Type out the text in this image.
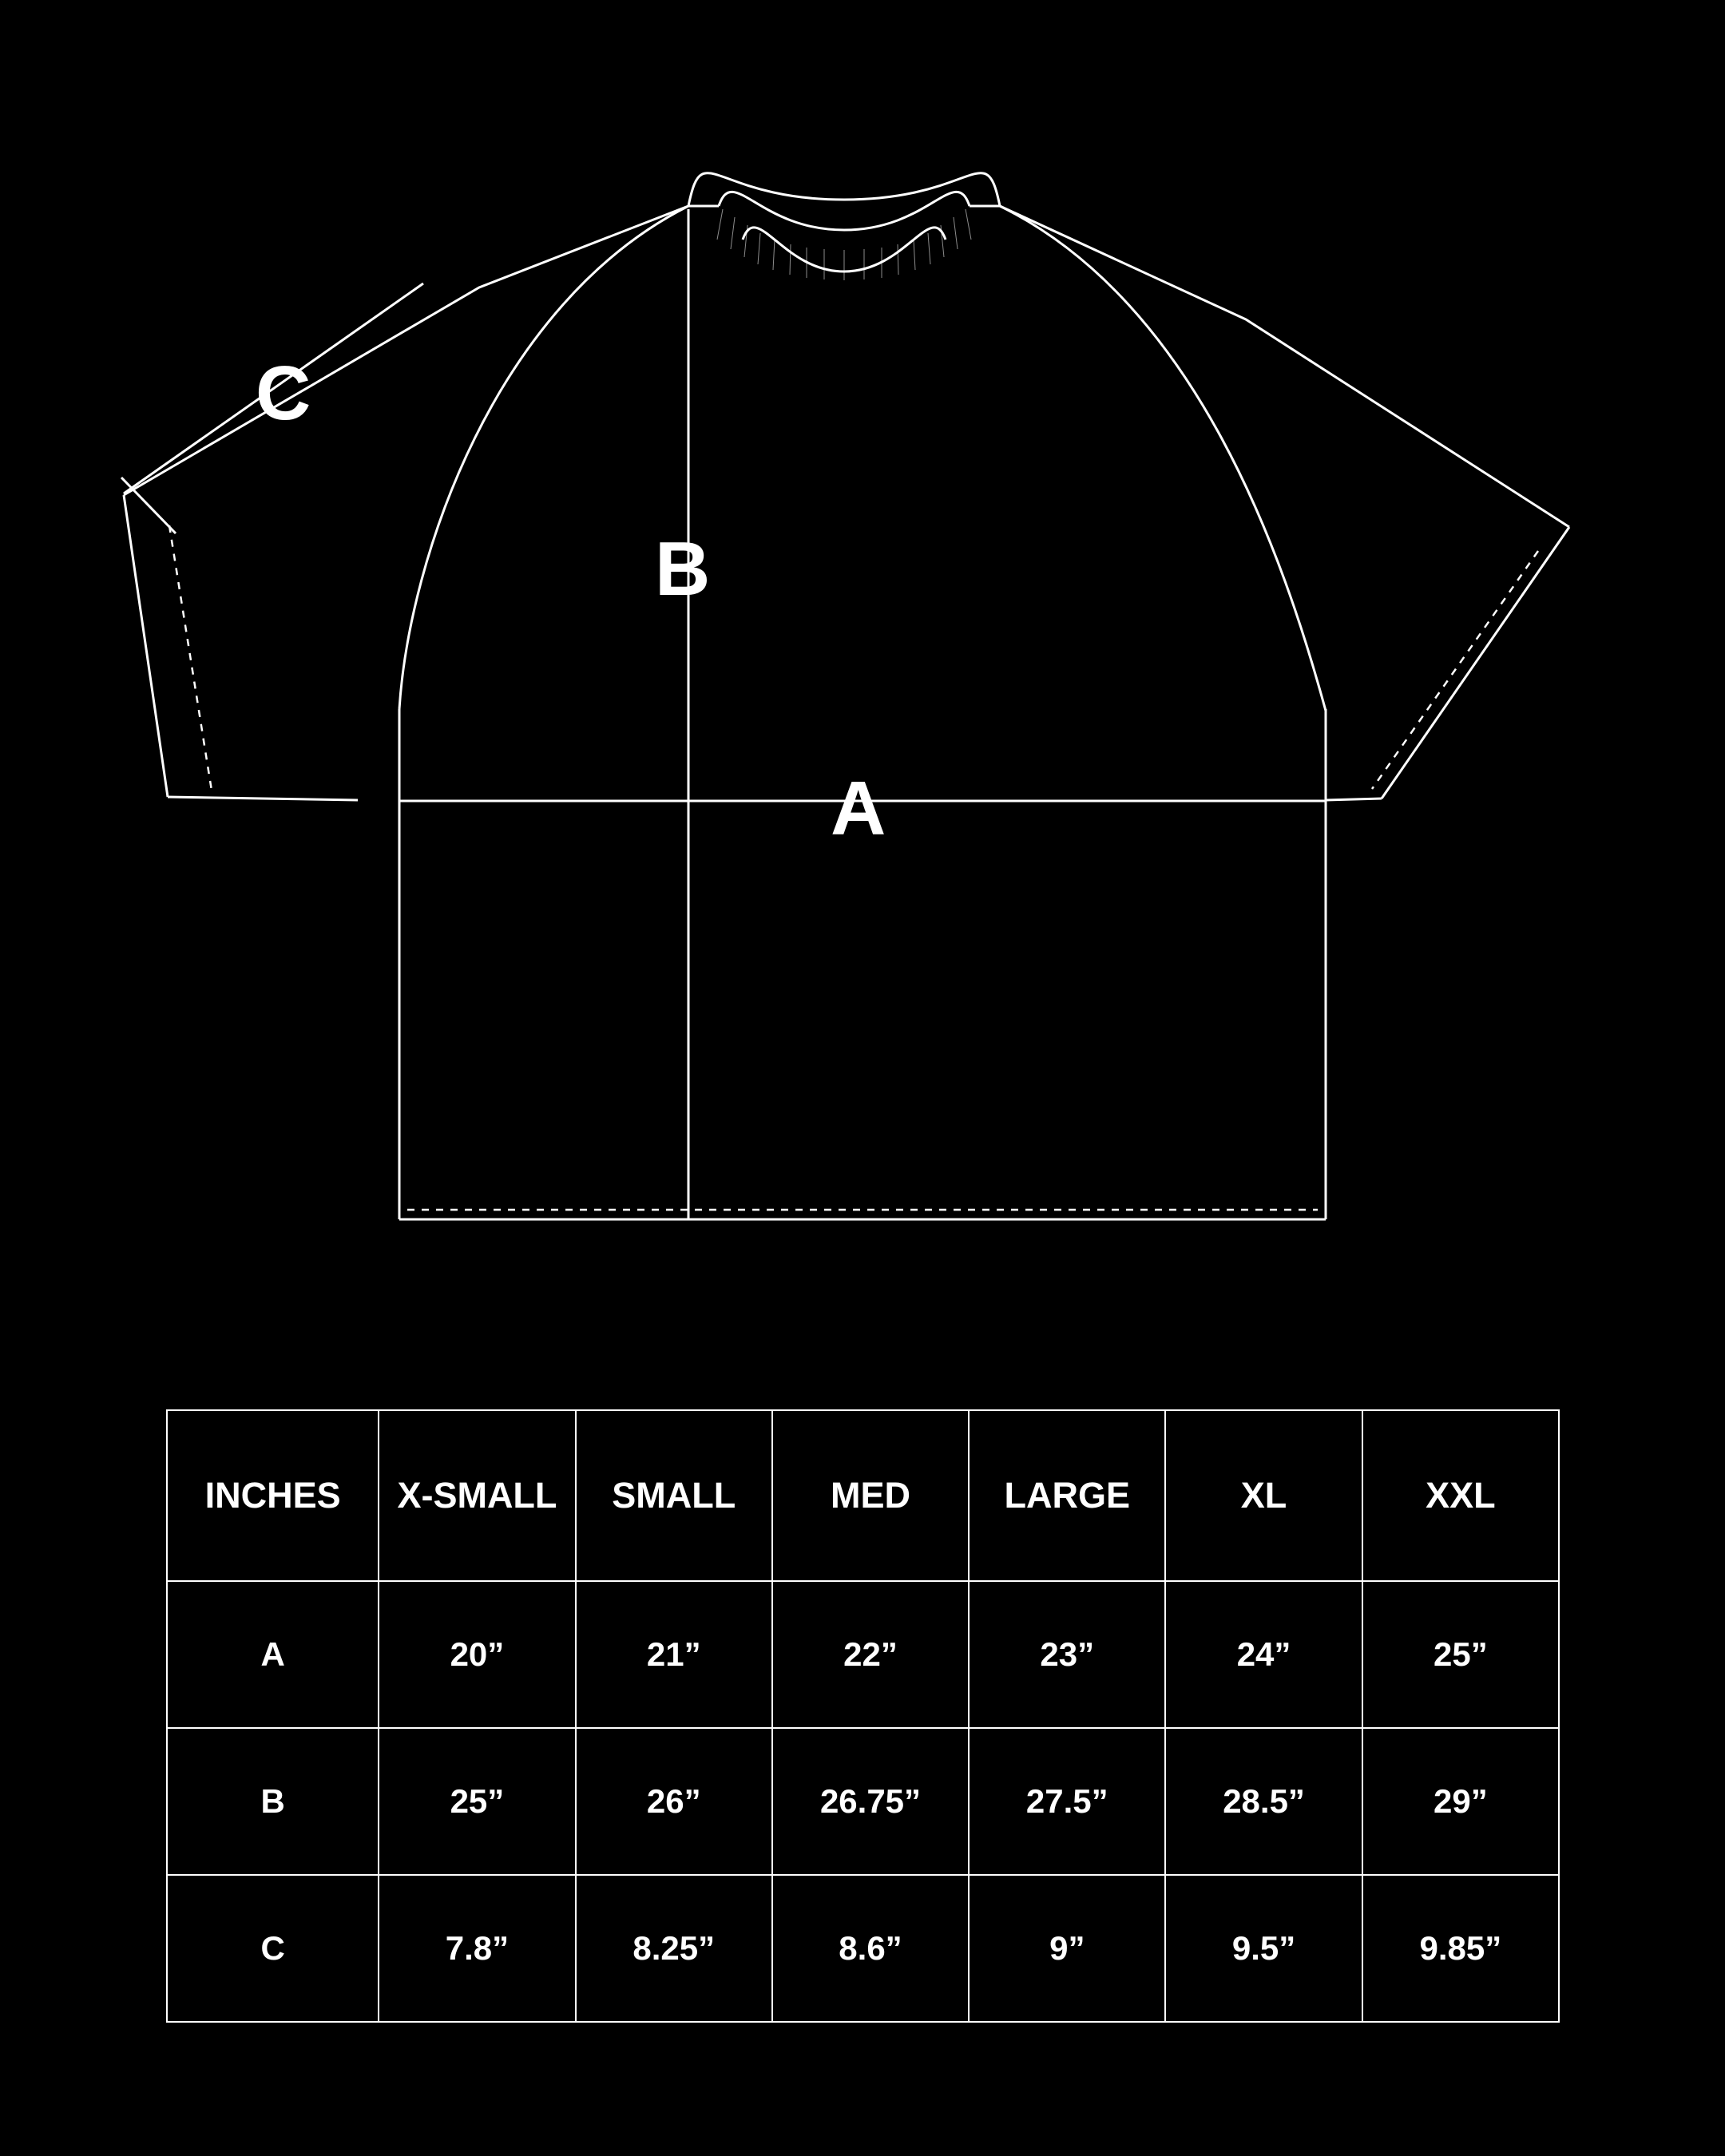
A
B
C
INCHES	X-SMALL	SMALL	MED	LARGE	XL	XXL
A	20”	21”	22”	23”	24”	25”
B	25”	26”	26.75”	27.5”	28.5”	29”
C	7.8”	8.25”	8.6”	9”	9.5”	9.85”
